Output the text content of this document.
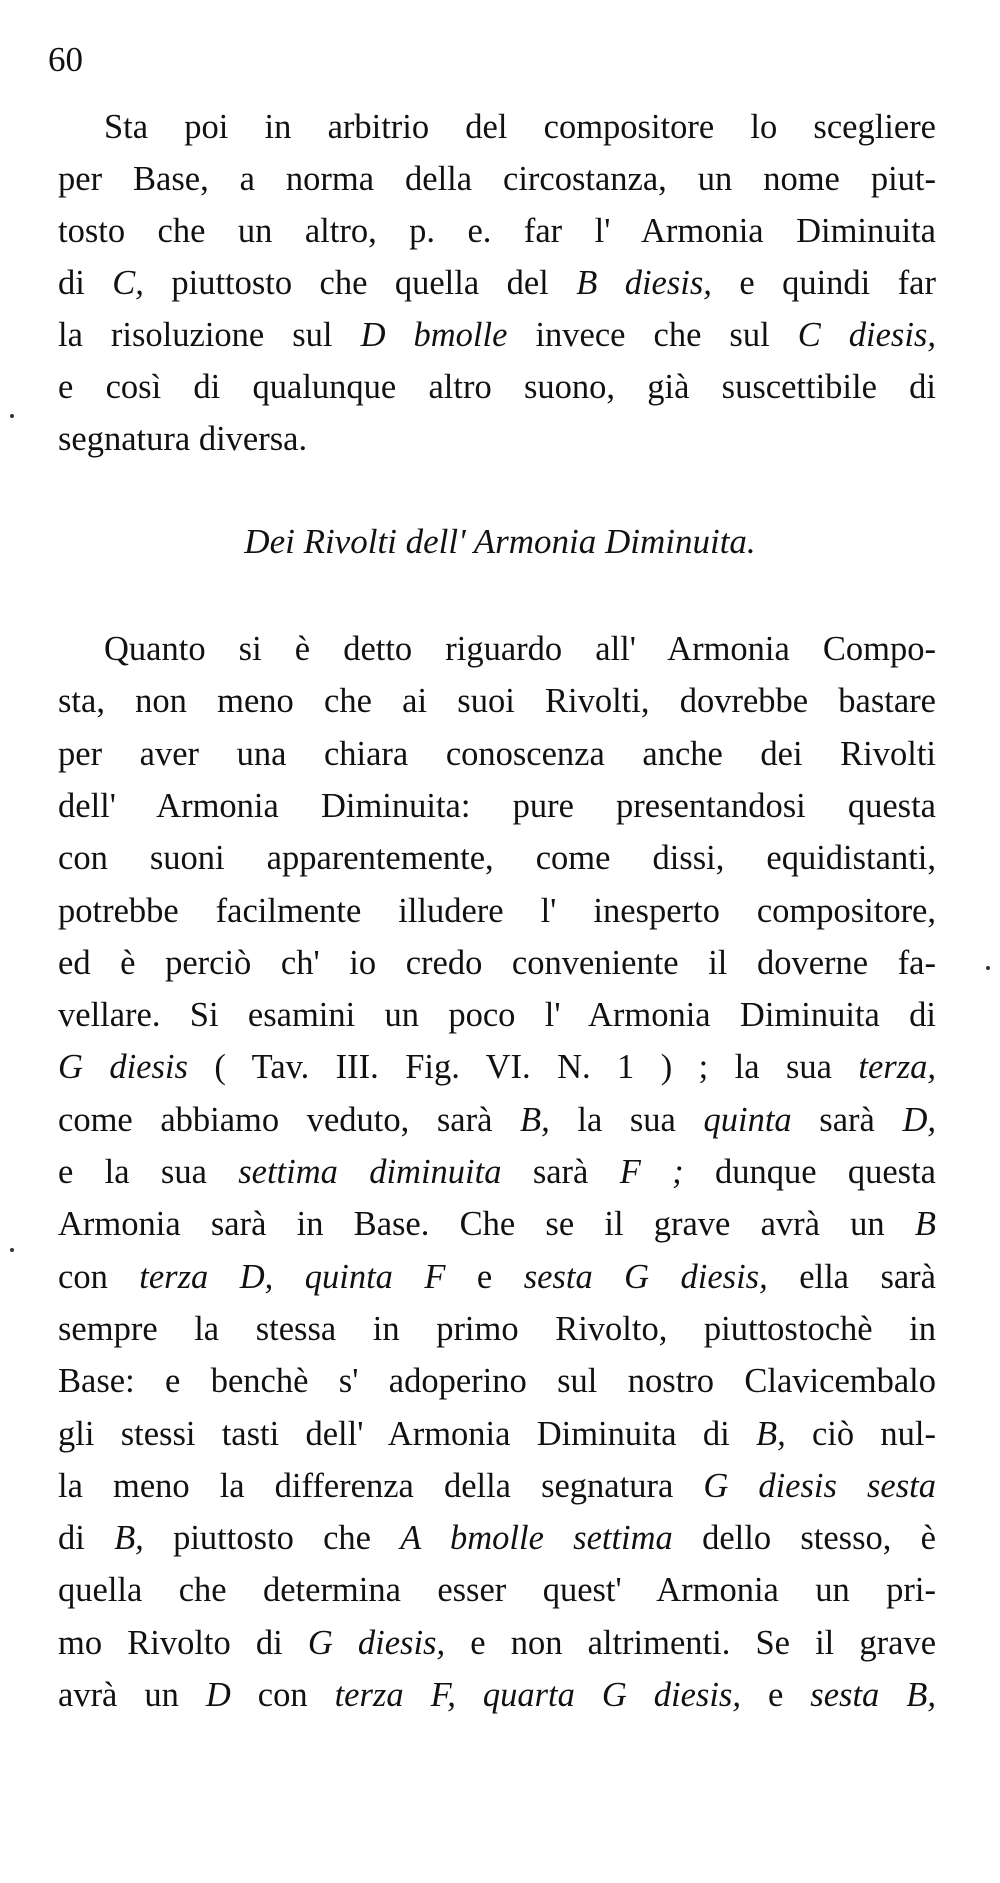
60
Sta poi in arbitrio del compositore lo scegliere
per Base, a norma della circostanza, un nome piut-
tosto che un altro, p. e. far l' Armonia Diminuita
di C, piuttosto che quella del B diesis, e quindi far
la risoluzione sul D bmolle invece che sul C diesis,
e così di qualunque altro suono, già suscettibile di
segnatura diversa.
Dei Rivolti dell' Armonia Diminuita.
Quanto si è detto riguardo all' Armonia Compo-
sta, non meno che ai suoi Rivolti, dovrebbe bastare
per aver una chiara conoscenza anche dei Rivolti
dell' Armonia Diminuita: pure presentandosi questa
con suoni apparentemente, come dissi, equidistanti,
potrebbe facilmente illudere l' inesperto compositore,
ed è perciò ch' io credo conveniente il doverne fa-
vellare. Si esamini un poco l' Armonia Diminuita di
G diesis ( Tav. III. Fig. VI. N. 1 ) ; la sua terza,
come abbiamo veduto, sarà B, la sua quinta sarà D,
e la sua settima diminuita sarà F ; dunque questa
Armonia sarà in Base. Che se il grave avrà un B
con terza D, quinta F e sesta G diesis, ella sarà
sempre la stessa in primo Rivolto, piuttostochè in
Base: e benchè s' adoperino sul nostro Clavicembalo
gli stessi tasti dell' Armonia Diminuita di B, ciò nul-
la meno la differenza della segnatura G diesis sesta
di B, piuttosto che A bmolle settima dello stesso, è
quella che determina esser quest' Armonia un pri-
mo Rivolto di G diesis, e non altrimenti. Se il grave
avrà un D con terza F, quarta G diesis, e sesta B,
